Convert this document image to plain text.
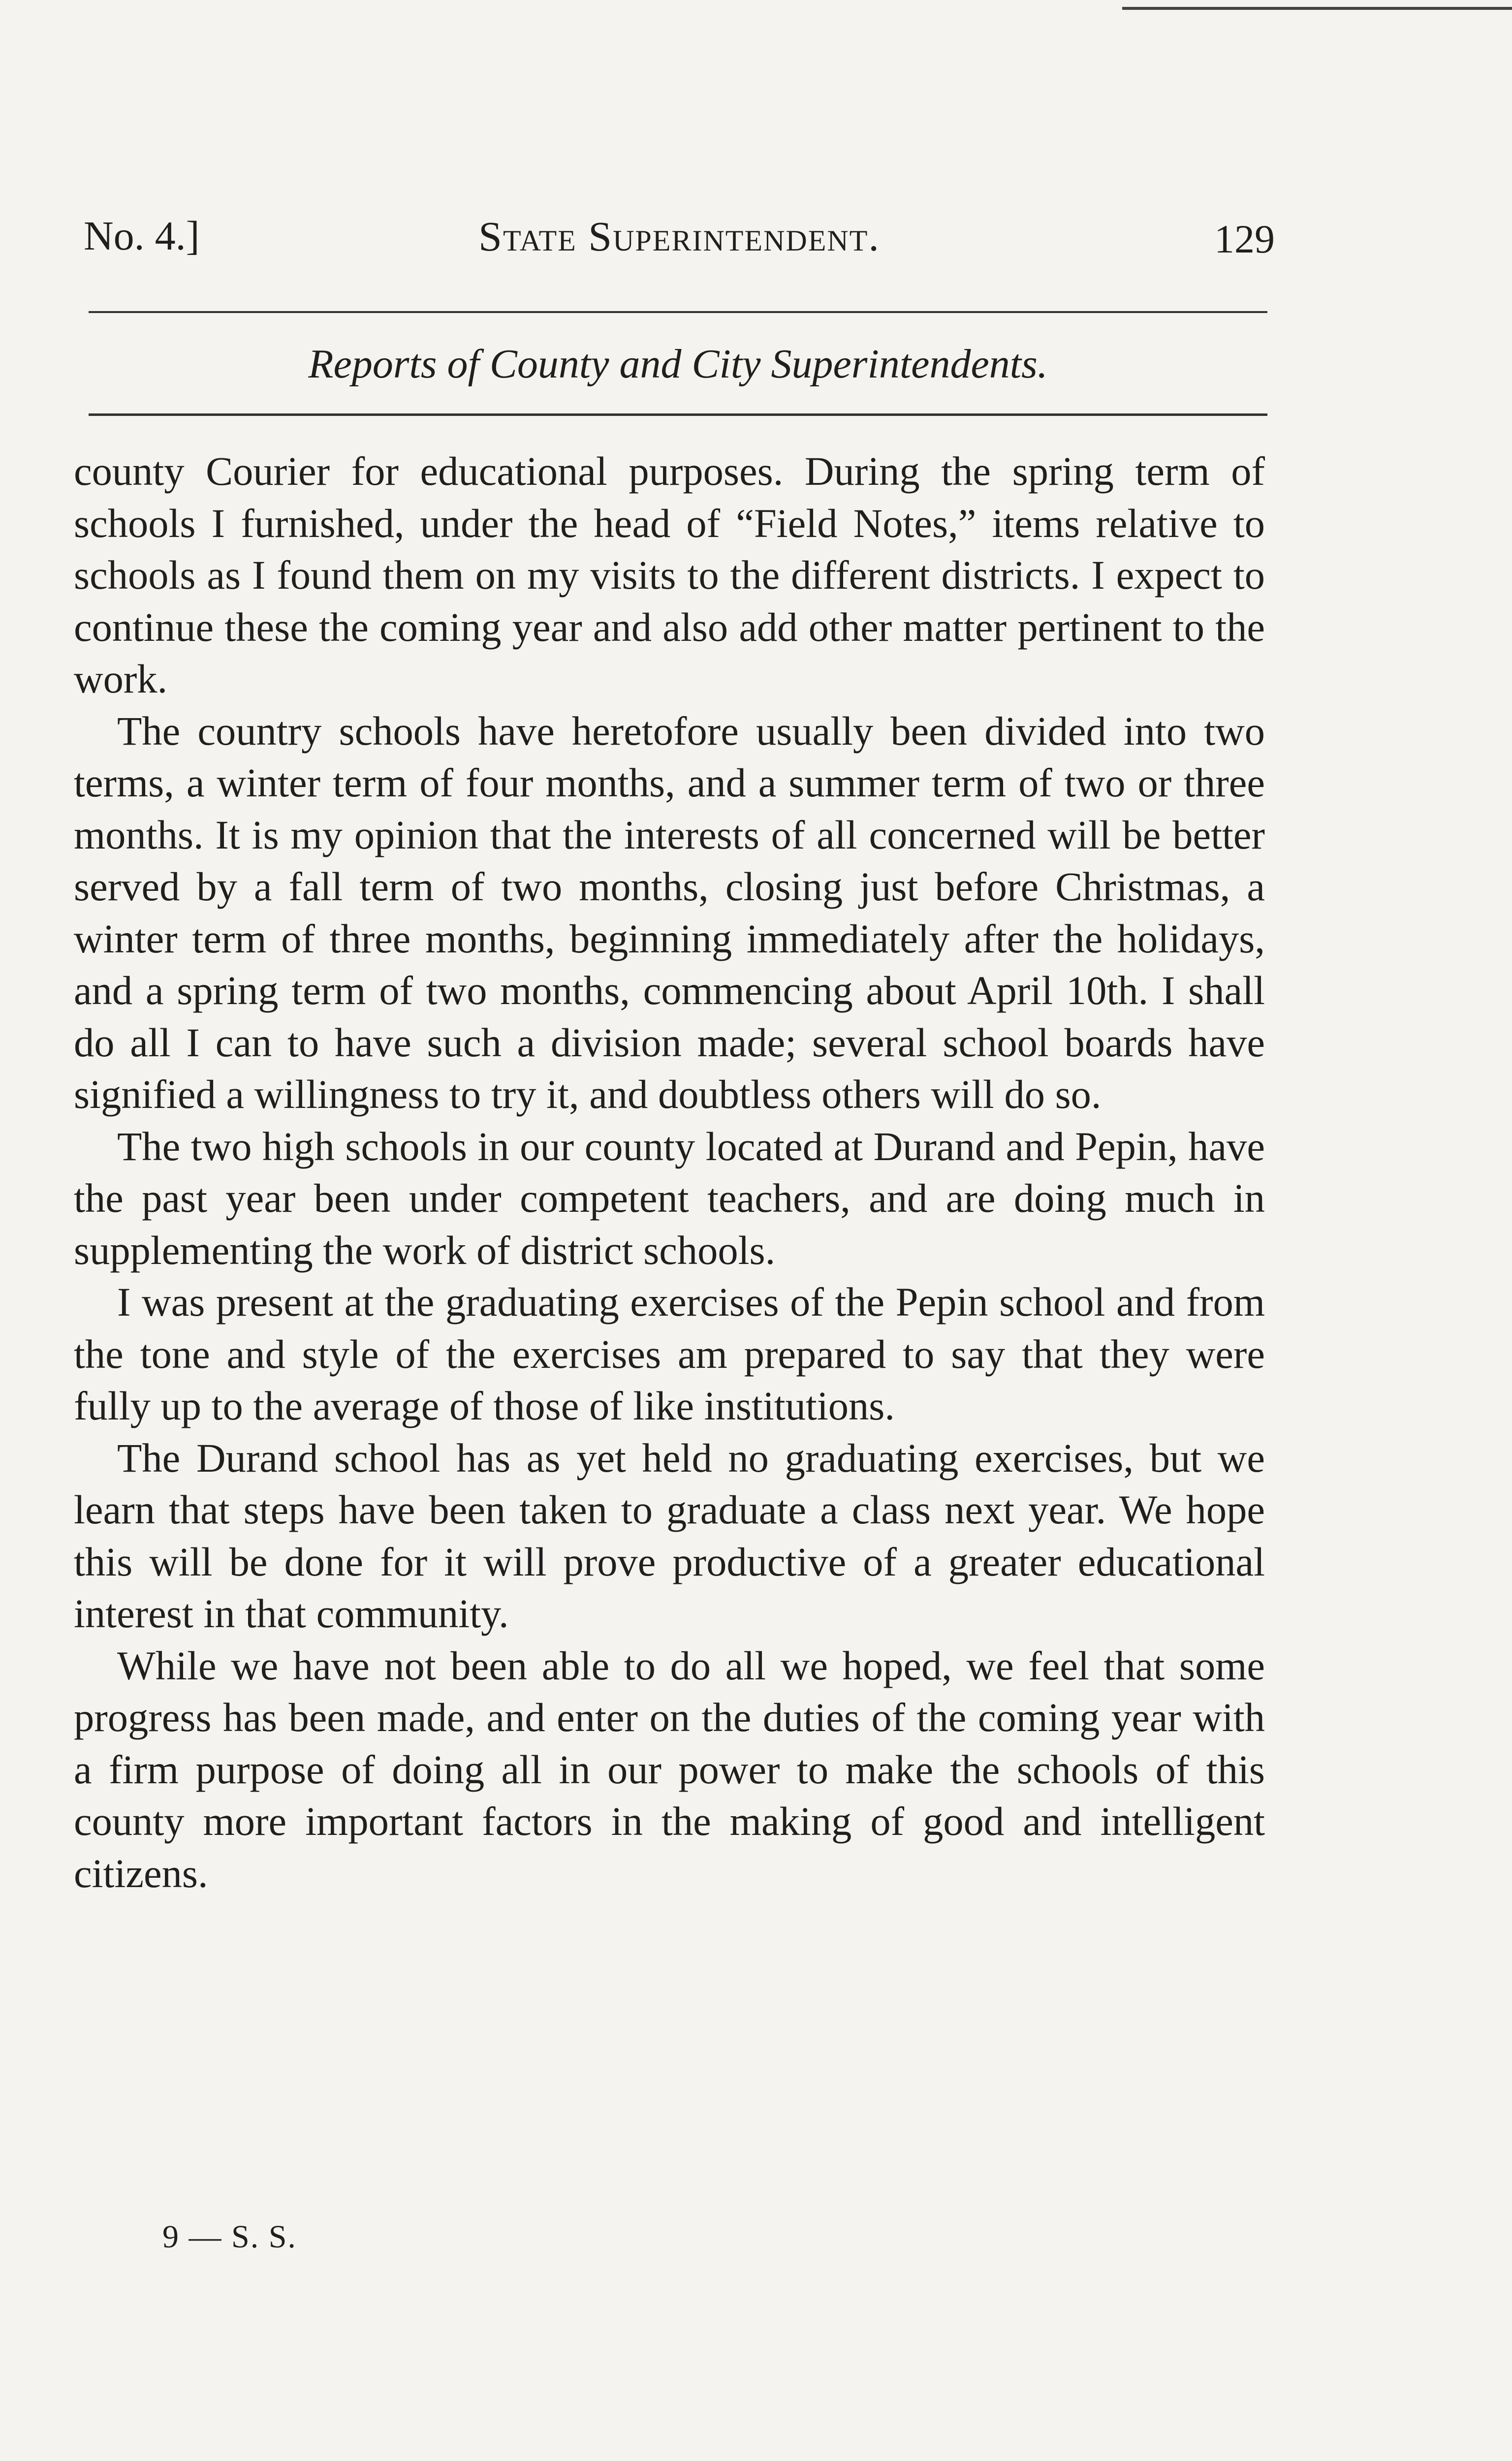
No. 4.]	State Superintendent.	129
Reports of County and City Superintendents.

county Courier for educational purposes. During the spring term of schools I furnished, under the head of “Field Notes,” items relative to schools as I found them on my visits to the different districts. I expect to continue these the coming year and also add other matter pertinent to the work.

The country schools have heretofore usually been divided into two terms, a winter term of four months, and a summer term of two or three months. It is my opinion that the interests of all concerned will be better served by a fall term of two months, closing just before Christmas, a winter term of three months, beginning immediately after the holidays, and a spring term of two months, commencing about April 10th. I shall do all I can to have such a division made; several school boards have signified a willingness to try it, and doubtless others will do so.

The two high schools in our county located at Durand and Pepin, have the past year been under competent teachers, and are doing much in supplementing the work of district schools.

I was present at the graduating exercises of the Pepin school and from the tone and style of the exercises am prepared to say that they were fully up to the average of those of like institutions.

The Durand school has as yet held no graduating exercises, but we learn that steps have been taken to graduate a class next year. We hope this will be done for it will prove productive of a greater educational interest in that community.

While we have not been able to do all we hoped, we feel that some progress has been made, and enter on the duties of the coming year with a firm purpose of doing all in our power to make the schools of this county more important factors in the making of good and intelligent citizens.

9 — S. S.
